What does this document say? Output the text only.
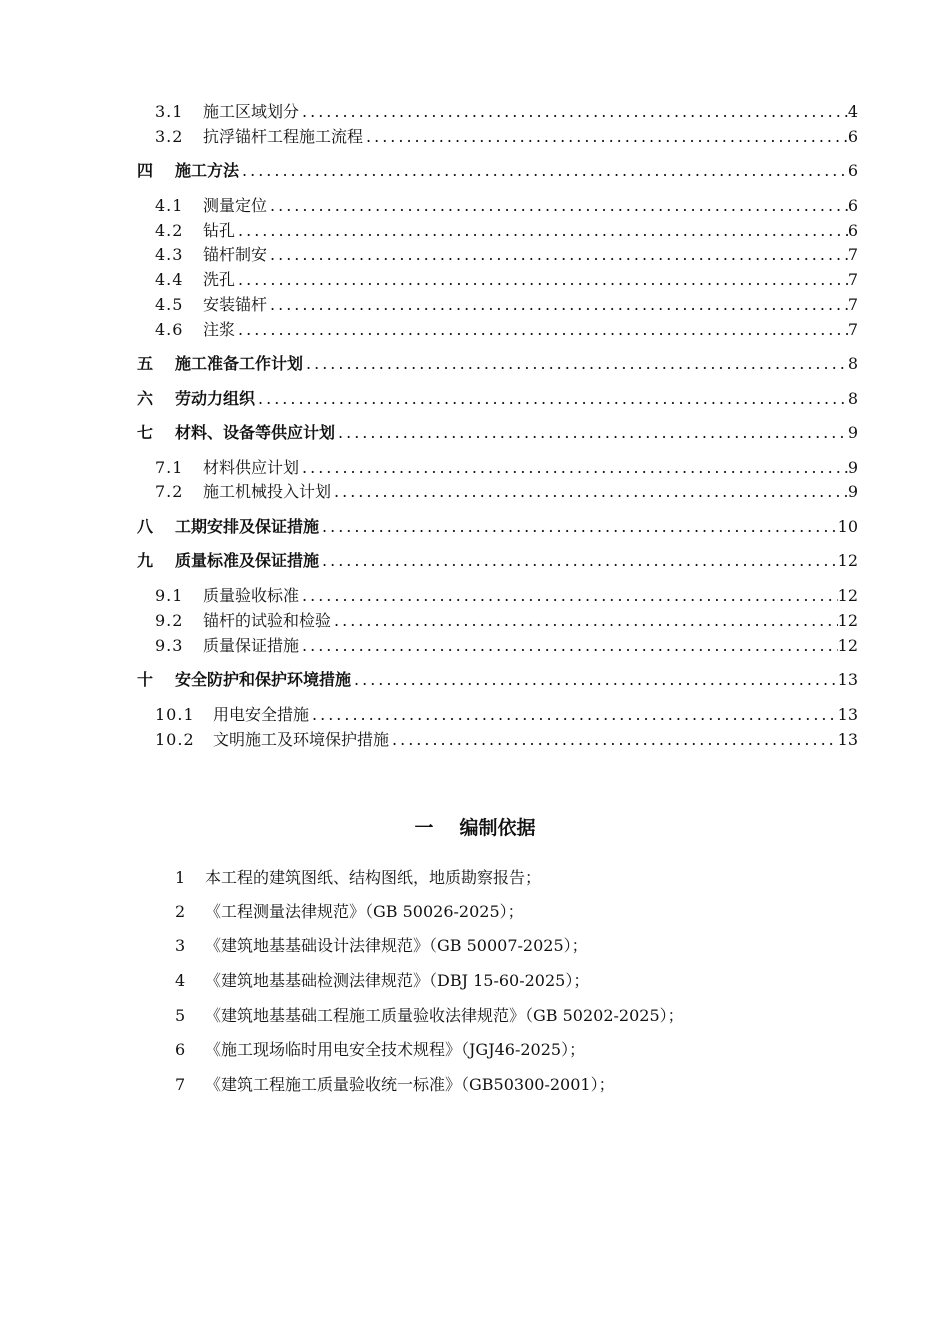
3.1	施工区域划分 .....	4
3.2	抗浮锚杆工程施工流程 .....	6
四	施工方法 .....	6
4.1	测量定位 .....	6
4.2	钻孔 .....	6
4.3	锚杆制安 .....	7
4.4	洗孔 .....	7
4.5	安装锚杆 .....	7
4.6	注浆 .....	7
五	施工准备工作计划 .....	8
六	劳动力组织 .....	8
七	材料、设备等供应计划 .....	9
7.1	材料供应计划 .....	9
7.2	施工机械投入计划 .....	9
八	工期安排及保证措施 .....	10
九	质量标准及保证措施 .....	12
9.1	质量验收标准 .....	12
9.2	锚杆的试验和检验 .....	12
9.3	质量保证措施 .....	12
十	安全防护和保护环境措施 .....	13
10.1	用电安全措施 .....	13
10.2	文明施工及环境保护措施 .....	13
一 编制依据
1 本工程的建筑图纸、结构图纸，地质勘察报告；
2 《工程测量法律规范》（GB 50026-2025）；
3 《建筑地基基础设计法律规范》（GB 50007-2025）；
4 《建筑地基基础检测法律规范》（DBJ 15-60-2025）；
5 《建筑地基基础工程施工质量验收法律规范》（GB 50202-2025）；
6 《施工现场临时用电安全技术规程》（JGJ46-2025）；
7 《建筑工程施工质量验收统一标准》（GB50300-2001）；
